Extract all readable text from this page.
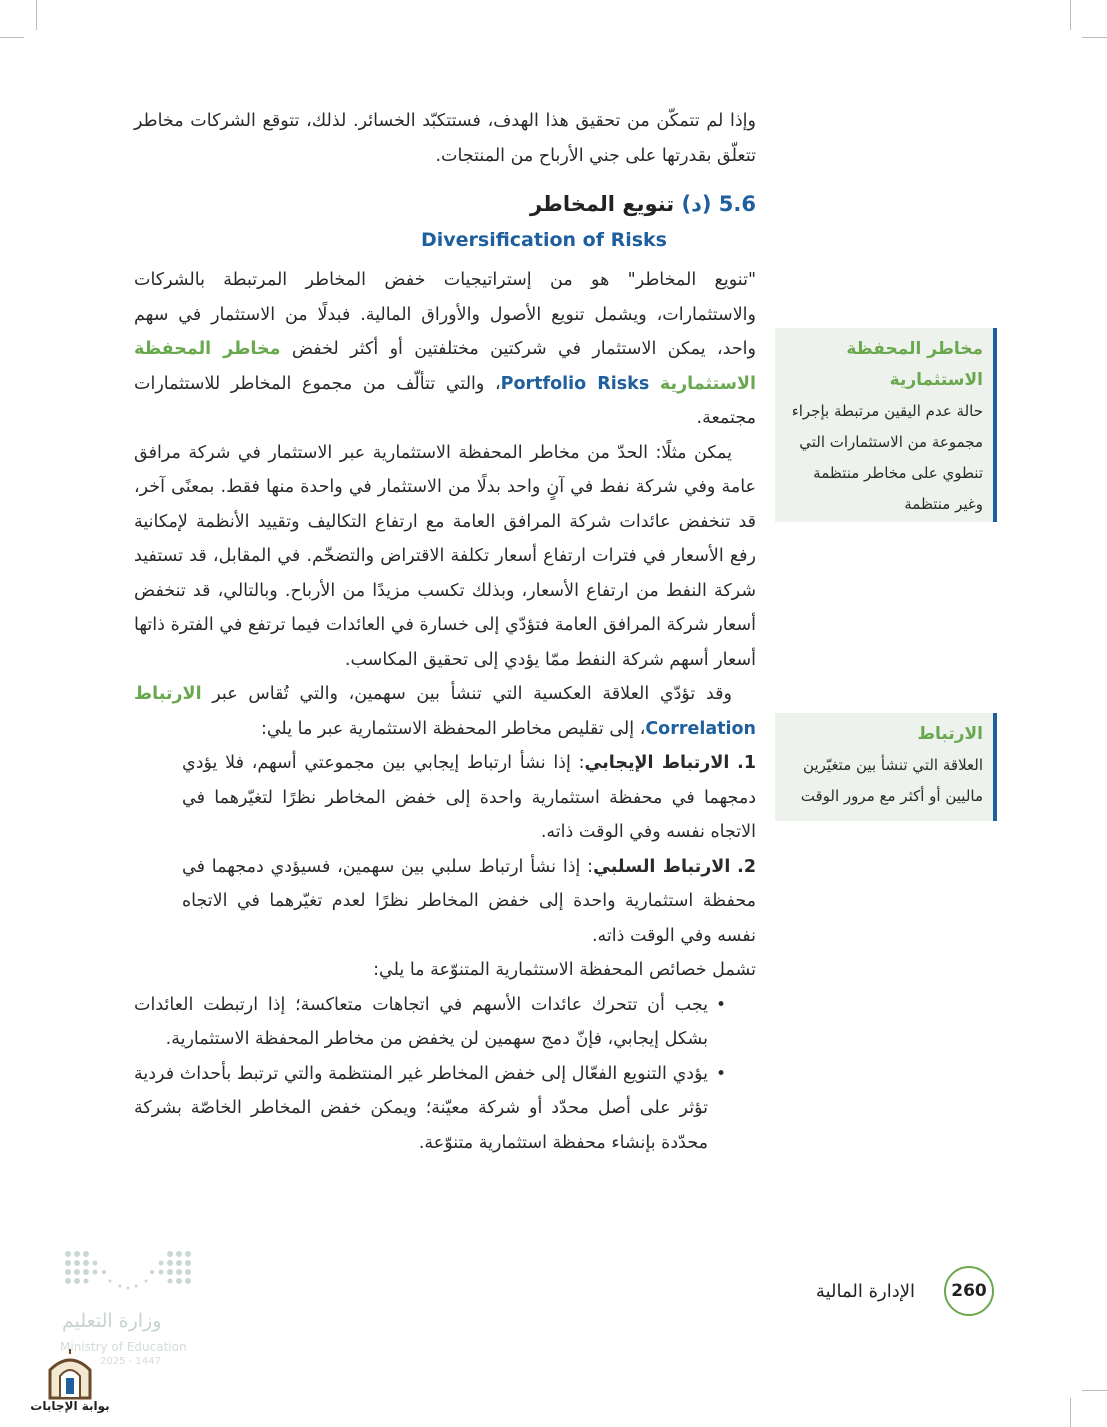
وإذا لم تتمكّن من تحقيق هذا الهدف، فستتكبّد الخسائر. لذلك، تتوقع الشركات مخاطر تتعلّق بقدرتها على جني الأرباح من المنتجات.

5.6 (د) تنويع المخاطر
Diversification of Risks

"تنويع المخاطر" هو من إستراتيجيات خفض المخاطر المرتبطة بالشركات والاستثمارات، ويشمل تنويع الأصول والأوراق المالية. فبدلًا من الاستثمار في سهم واحد، يمكن الاستثمار في شركتين مختلفتين أو أكثر لخفض مخاطر المحفظة الاستثمارية Portfolio Risks، والتي تتألّف من مجموع المخاطر للاستثمارات مجتمعة.

يمكن مثلًا: الحدّ من مخاطر المحفظة الاستثمارية عبر الاستثمار في شركة مرافق عامة وفي شركة نفط في آنٍ واحد بدلًا من الاستثمار في واحدة منها فقط. بمعنًى آخر، قد تنخفض عائدات شركة المرافق العامة مع ارتفاع التكاليف وتقييد الأنظمة لإمكانية رفع الأسعار في فترات ارتفاع أسعار تكلفة الاقتراض والتضخّم. في المقابل، قد تستفيد شركة النفط من ارتفاع الأسعار، وبذلك تكسب مزيدًا من الأرباح. وبالتالي، قد تنخفض أسعار شركة المرافق العامة فتؤدّي إلى خسارة في العائدات فيما ترتفع في الفترة ذاتها أسعار أسهم شركة النفط ممّا يؤدي إلى تحقيق المكاسب.

وقد تؤدّي العلاقة العكسية التي تنشأ بين سهمين، والتي تُقاس عبر الارتباط Correlation، إلى تقليص مخاطر المحفظة الاستثمارية عبر ما يلي:

1. الارتباط الإيجابي: إذا نشأ ارتباط إيجابي بين مجموعتي أسهم، فلا يؤدي دمجهما في محفظة استثمارية واحدة إلى خفض المخاطر نظرًا لتغيّرهما في الاتجاه نفسه وفي الوقت ذاته.

2. الارتباط السلبي: إذا نشأ ارتباط سلبي بين سهمين، فسيؤدي دمجهما في محفظة استثمارية واحدة إلى خفض المخاطر نظرًا لعدم تغيّرهما في الاتجاه نفسه وفي الوقت ذاته.

تشمل خصائص المحفظة الاستثمارية المتنوّعة ما يلي:

•
يجب أن تتحرك عائدات الأسهم في اتجاهات متعاكسة؛ إذا ارتبطت العائدات بشكل إيجابي، فإنّ دمج سهمين لن يخفض من مخاطر المحفظة الاستثمارية.

•
يؤدي التنويع الفعّال إلى خفض المخاطر غير المنتظمة والتي ترتبط بأحداث فردية تؤثر على أصل محدّد أو شركة معيّنة؛ ويمكن خفض المخاطر الخاصّة بشركة محدّدة بإنشاء محفظة استثمارية متنوّعة.

مخاطر المحفظة الاستثمارية
حالة عدم اليقين مرتبطة بإجراء مجموعة من الاستثمارات التي تنطوي على مخاطر منتظمة وغير منتظمة
الارتباط
العلاقة التي تنشأ بين متغيّرين ماليين أو أكثر مع مرور الوقت
260
الإدارة المالية
وزارة التعليم
Ministry of Education
2025 - 1447
بوابة الإجابات
